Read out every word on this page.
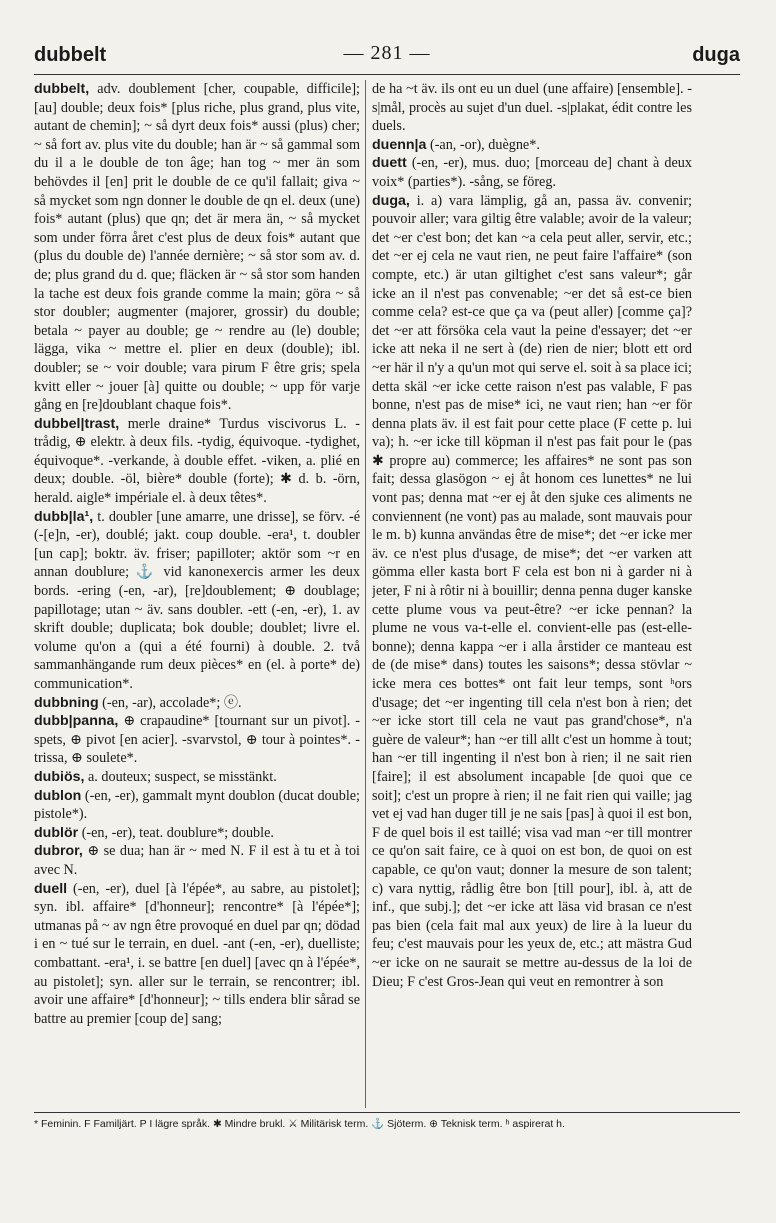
dubbelt	— 281 —	duga

dubbelt, adv. doublement [cher, coupable, difficile]; [au] double; deux fois* [plus riche, plus grand, plus vite, autant de chemin]; ~ så dyrt deux fois* aussi (plus) cher; ~ så fort av. plus vite du double; han är ~ så gammal som du il a le double de ton âge; han tog ~ mer än som behövdes il [en] prit le double de ce qu'il fallait; giva ~ så mycket som ngn donner le double de qn el. deux (une) fois* autant (plus) que qn; det är mera än, ~ så mycket som under förra året c'est plus de deux fois* autant que (plus du double de) l'année dernière; ~ så stor som av. d. de; plus grand du d. que; fläcken är ~ så stor som handen la tache est deux fois grande comme la main; göra ~ så stor doubler; augmenter (majorer, grossir) du double; betala ~ payer au double; ge ~ rendre au (le) double; lägga, vika ~ mettre el. plier en deux (double); ibl. doubler; se ~ voir double; vara pirum F être gris; spela kvitt eller ~ jouer [à] quitte ou double; ~ upp för varje gång en [re]doublant chaque fois*.

dubbel|trast, merle draine* Turdus viscivorus L. -trådig, ⊕ elektr. à deux fils. -tydig, équivoque. -tydighet, équivoque*. -verkande, à double effet. -viken, a. plié en deux; double. -öl, bière* double (forte); ✱ d. b. -örn, herald. aigle* impériale el. à deux têtes*.

dubb|la¹, t. doubler [une amarre, une drisse], se förv. -é (-[e]n, -er), doublé; jakt. coup double. -era¹, t. doubler [un cap]; boktr. äv. friser; papilloter; aktör som ~r en annan doublure; ⚓ vid kanonexercis armer les deux bords. -ering (-en, -ar), [re]doublement; ⊕ doublage; papillotage; utan ~ äv. sans doubler. -ett (-en, -er), 1. av skrift double; duplicata; bok double; doublet; livre el. volume qu'on a (qui a été fourni) à double. 2. två sammanhängande rum deux pièces* en (el. à porte* de) communication*.

dubbning (-en, -ar), accolade*; ⓔ.

dubb|panna, ⊕ crapaudine* [tournant sur un pivot]. -spets, ⊕ pivot [en acier]. -svarvstol, ⊕ tour à pointes*. -trissa, ⊕ soulete*.

dubiös, a. douteux; suspect, se misstänkt.

dublon (-en, -er), gammalt mynt doublon (ducat double; pistole*).

dublör (-en, -er), teat. doublure*; double.

dubror, ⊕ se dua; han är ~ med N. F il est à tu et à toi avec N.

duell (-en, -er), duel [à l'épée*, au sabre, au pistolet]; syn. ibl. affaire* [d'honneur]; rencontre* [à l'épée*]; utmanas på ~ av ngn être provoqué en duel par qn; dödad i en ~ tué sur le terrain, en duel. -ant (-en, -er), duelliste; combattant. -era¹, i. se battre [en duel] [avec qn à l'épée*, au pistolet]; syn. aller sur le terrain, se rencontrer; ibl. avoir une affaire* [d'honneur]; ~ tills endera blir sårad se battre au premier [coup de] sang;

de ha ~t äv. ils ont eu un duel (une affaire) [ensemble]. -s|mål, procès au sujet d'un duel. -s|plakat, édit contre les duels.

duenn|a (-an, -or), duègne*.

duett (-en, -er), mus. duo; [morceau de] chant à deux voix* (parties*). -sång, se föreg.

duga, i. a) vara lämplig, gå an, passa äv. convenir; pouvoir aller; vara giltig être valable; avoir de la valeur; det ~er c'est bon; det kan ~a cela peut aller, servir, etc.; det ~er ej cela ne vaut rien, ne peut faire l'affaire* (son compte, etc.) är utan giltighet c'est sans valeur*; går icke an il n'est pas convenable; ~er det så est-ce bien comme cela? est-ce que ça va (peut aller) [comme ça]? det ~er att försöka cela vaut la peine d'essayer; det ~er icke att neka il ne sert à (de) rien de nier; blott ett ord ~er här il n'y a qu'un mot qui serve el. soit à sa place ici; detta skäl ~er icke cette raison n'est pas valable, F pas bonne, n'est pas de mise* ici, ne vaut rien; han ~er för denna plats äv. il est fait pour cette place (F cette p. lui va); h. ~er icke till köpman il n'est pas fait pour le (pas ✱ propre au) commerce; les affaires* ne sont pas son fait; dessa glasögon ~ ej åt honom ces lunettes* ne lui vont pas; denna mat ~er ej åt den sjuke ces aliments ne conviennent (ne vont) pas au malade, sont mauvais pour le m. b) kunna användas être de mise*; det ~er icke mer äv. ce n'est plus d'usage, de mise*; det ~er varken att gömma eller kasta bort F cela est bon ni à garder ni à jeter, F ni à rôtir ni à bouillir; denna penna duger kanske cette plume vous va peut-être? ~er icke pennan? la plume ne vous va-t-elle el. convient-elle pas (est-elle-bonne); denna kappa ~er i alla årstider ce manteau est de (de mise* dans) toutes les saisons*; dessa stövlar ~ icke mera ces bottes* ont fait leur temps, sont ʰors d'usage; det ~er ingenting till cela n'est bon à rien; det ~er icke stort till cela ne vaut pas grand'chose*, n'a guère de valeur*; han ~er till allt c'est un homme à tout; han ~er till ingenting il n'est bon à rien; il ne sait rien [faire]; il est absolument incapable [de quoi que ce soit]; c'est un propre à rien; il ne fait rien qui vaille; jag vet ej vad han duger till je ne sais [pas] à quoi il est bon, F de quel bois il est taillé; visa vad man ~er till montrer ce qu'on sait faire, ce à quoi on est bon, de quoi on est capable, ce qu'on vaut; donner la mesure de son talent; c) vara nyttig, rådlig être bon [till pour], ibl. à, att de inf., que subj.]; det ~er icke att läsa vid brasan ce n'est pas bien (cela fait mal aux yeux) de lire à la lueur du feu; c'est mauvais pour les yeux de, etc.; att mästra Gud ~er icke on ne saurait se mettre au-dessus de la loi de Dieu; F c'est Gros-Jean qui veut en remontrer à son

* Feminin. F Familjärt. P I lägre språk. ✱ Mindre brukl. ⚔ Militärisk term. ⚓ Sjöterm. ⊕ Teknisk term. ʰ aspirerat h.
